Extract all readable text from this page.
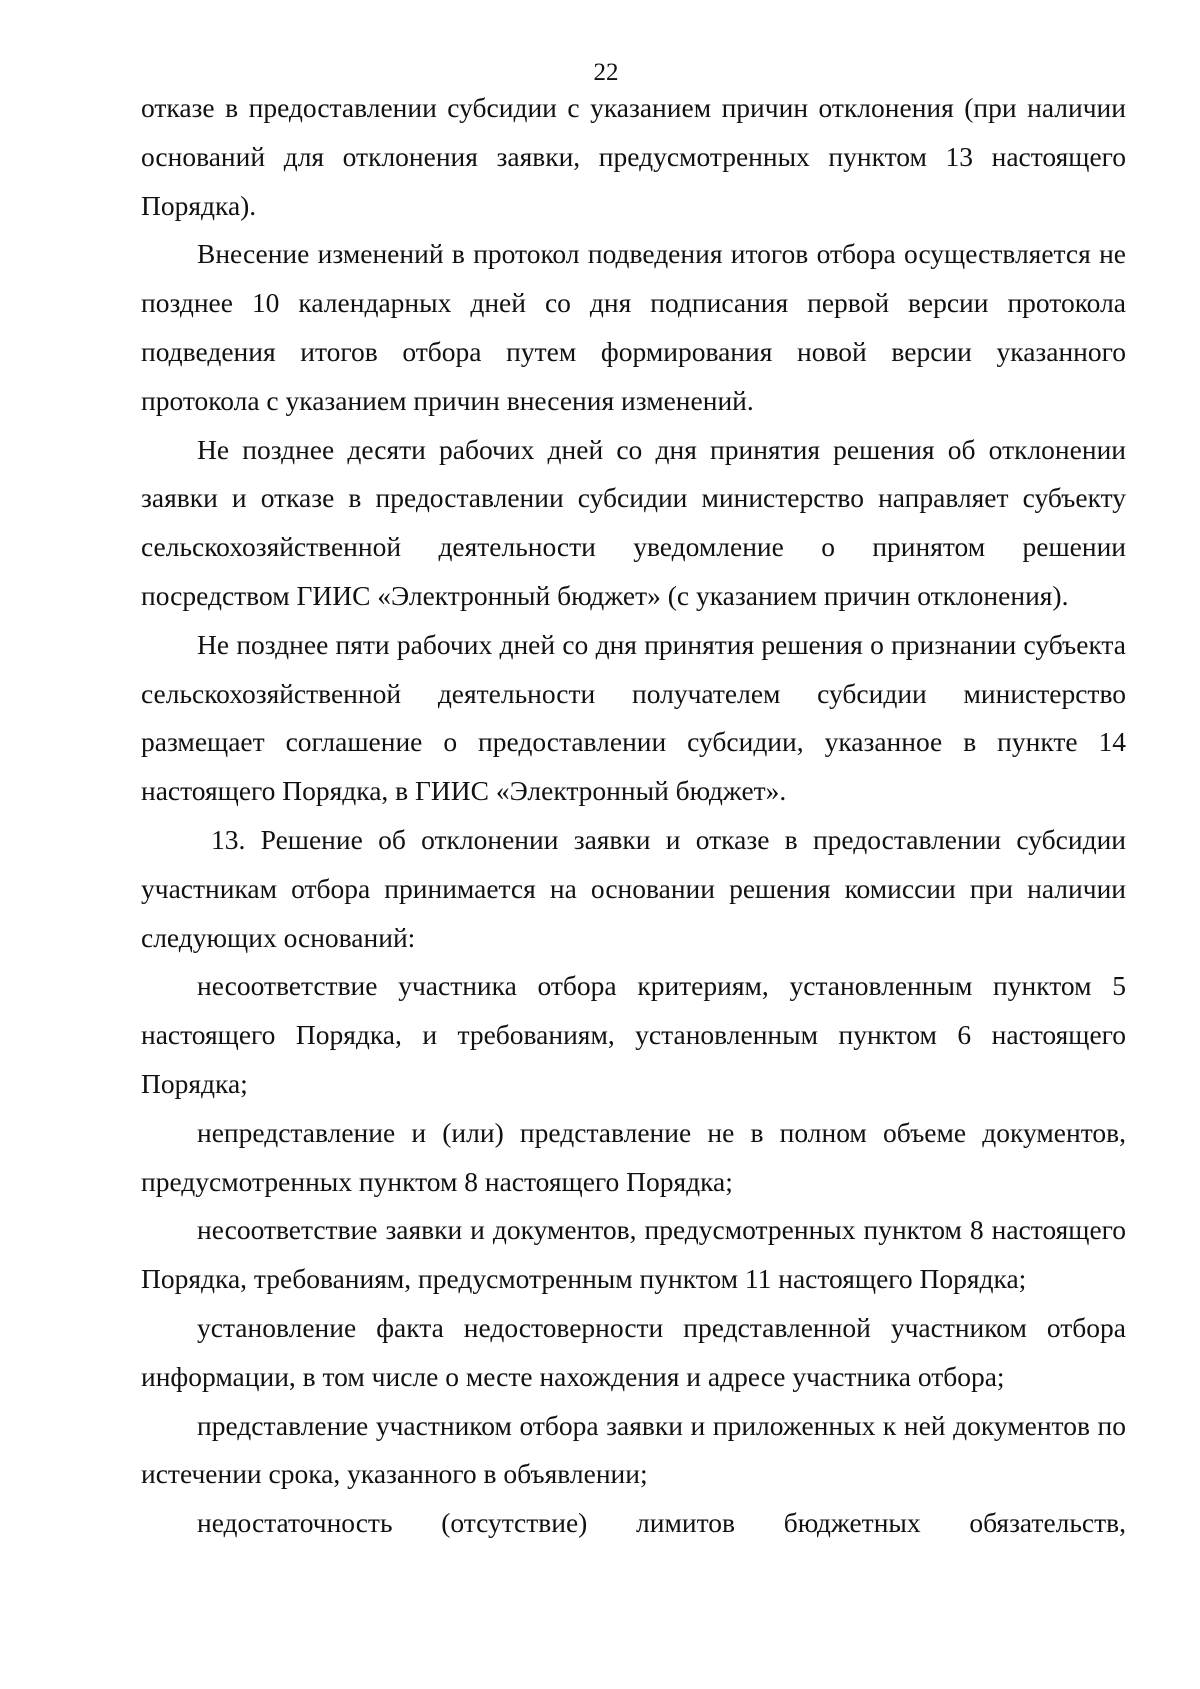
22

отказе в предоставлении субсидии с указанием причин отклонения (при наличии оснований для отклонения заявки, предусмотренных пунктом 13 настоящего Порядка).

Внесение изменений в протокол подведения итогов отбора осуществляется не позднее 10 календарных дней со дня подписания первой версии протокола подведения итогов отбора путем формирования новой версии указанного протокола с указанием причин внесения изменений.

Не позднее десяти рабочих дней со дня принятия решения об отклонении заявки и отказе в предоставлении субсидии министерство направляет субъекту сельскохозяйственной деятельности уведомление о принятом решении посредством ГИИС «Электронный бюджет» (с указанием причин отклонения).

Не позднее пяти рабочих дней со дня принятия решения о признании субъекта сельскохозяйственной деятельности получателем субсидии министерство размещает соглашение о предоставлении субсидии, указанное в пункте 14 настоящего Порядка, в ГИИС «Электронный бюджет».

13. Решение об отклонении заявки и отказе в предоставлении субсидии участникам отбора принимается на основании решения комиссии при наличии следующих оснований:

несоответствие участника отбора критериям, установленным пунктом 5 настоящего Порядка, и требованиям, установленным пунктом 6 настоящего Порядка;

непредставление и (или) представление не в полном объеме документов, предусмотренных пунктом 8 настоящего Порядка;

несоответствие заявки и документов, предусмотренных пунктом 8 настоящего Порядка, требованиям, предусмотренным пунктом 11 настоящего Порядка;

установление факта недостоверности представленной участником отбора информации, в том числе о месте нахождения и адресе участника отбора;

представление участником отбора заявки и приложенных к ней документов по истечении срока, указанного в объявлении;

недостаточность (отсутствие) лимитов бюджетных обязательств,
